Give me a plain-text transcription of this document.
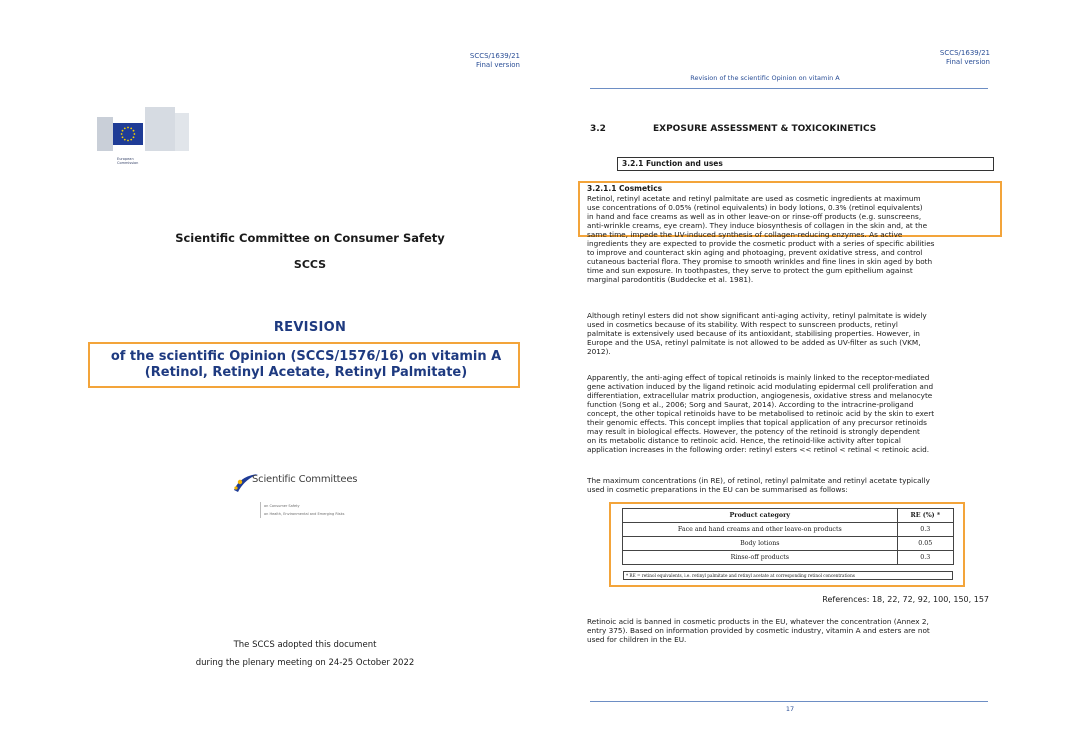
SCCS/1639/21
Final version
European
Commission
Scientific Committee on Consumer Safety
SCCS
REVISION
of the scientific Opinion (SCCS/1576/16) on vitamin A
(Retinol, Retinyl Acetate, Retinyl Palmitate)
Scientific Committees
on Consumer Safety
on Health, Environmental and Emerging Risks
The SCCS adopted this document
during the plenary meeting on 24-25 October 2022
SCCS/1639/21
Final version
Revision of the scientific Opinion on vitamin A
3.2	EXPOSURE ASSESSMENT & TOXICOKINETICS
3.2.1 Function and uses
3.2.1.1 Cosmetics
Retinol, retinyl acetate and retinyl palmitate are used as cosmetic ingredients at maximum
use concentrations of 0.05% (retinol equivalents) in body lotions, 0.3% (retinol equivalents)
in hand and face creams as well as in other leave-on or rinse-off products (e.g. sunscreens,
anti-wrinkle creams, eye cream). They induce biosynthesis of collagen in the skin and, at the
same time, impede the UV-induced synthesis of collagen-reducing enzymes. As active
ingredients they are expected to provide the cosmetic product with a series of specific abilities
to improve and counteract skin aging and photoaging, prevent oxidative stress, and control
cutaneous bacterial flora. They promise to smooth wrinkles and fine lines in skin aged by both
time and sun exposure. In toothpastes, they serve to protect the gum epithelium against
marginal parodontitis (Buddecke et al. 1981).
Although retinyl esters did not show significant anti-aging activity, retinyl palmitate is widely
used in cosmetics because of its stability. With respect to sunscreen products, retinyl
palmitate is extensively used because of its antioxidant, stabilising properties. However, in
Europe and the USA, retinyl palmitate is not allowed to be added as UV-filter as such (VKM,
2012).
Apparently, the anti-aging effect of topical retinoids is mainly linked to the receptor-mediated
gene activation induced by the ligand retinoic acid modulating epidermal cell proliferation and
differentiation, extracellular matrix production, angiogenesis, oxidative stress and melanocyte
function (Song et al., 2006; Sorg and Saurat, 2014). According to the intracrine-proligand
concept, the other topical retinoids have to be metabolised to retinoic acid by the skin to exert
their genomic effects. This concept implies that topical application of any precursor retinoids
may result in biological effects. However, the potency of the retinoid is strongly dependent
on its metabolic distance to retinoic acid. Hence, the retinoid-like activity after topical
application increases in the following order: retinyl esters << retinol < retinal < retinoic acid.
The maximum concentrations (in RE), of retinol, retinyl palmitate and retinyl acetate typically
used in cosmetic preparations in the EU can be summarised as follows:
Product category	RE (%) *
Face and hand creams and other leave-on products	0.3
Body lotions	0.05
Rinse-off products	0.3
* RE = retinol equivalents, i.e. retinyl palmitate and retinyl acetate at corresponding retinol concentrations
References: 18, 22, 72, 92, 100, 150, 157
Retinoic acid is banned in cosmetic products in the EU, whatever the concentration (Annex 2,
entry 375). Based on information provided by cosmetic industry, vitamin A and esters are not
used for children in the EU.
17
